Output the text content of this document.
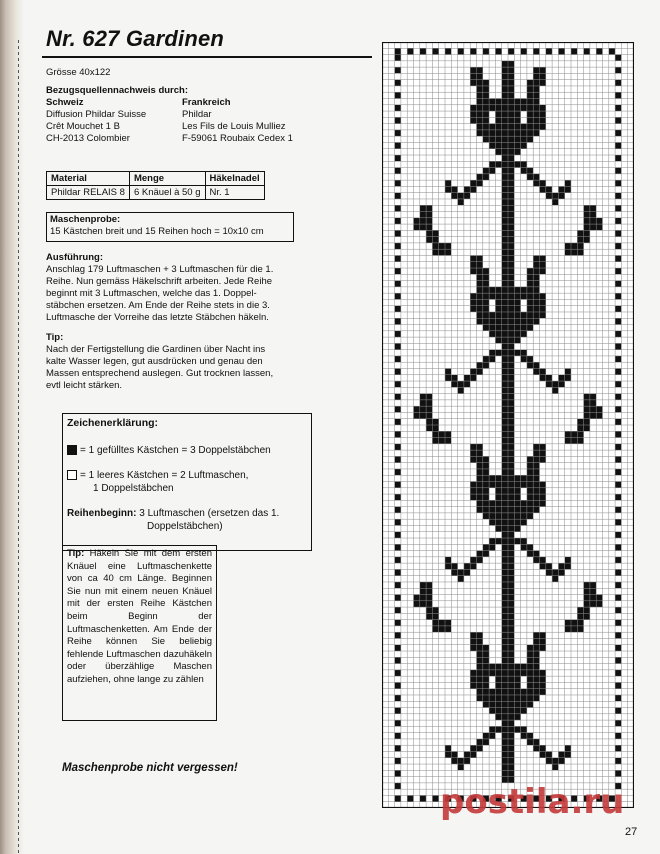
Nr. 627 Gardinen
Grösse 40x122
Bezugsquellennachweis durch:
Schweiz
Diffusion Phildar Suisse
Crêt Mouchet 1 B
CH-2013 Colombier
Frankreich
Phildar
Les Fils de Louis Mulliez
F-59061 Roubaix Cedex 1
Material	Menge	Häkelnadel
Phildar RELAIS 8	6 Knäuel à 50 g	Nr. 1
Maschenprobe:
15 Kästchen breit und 15 Reihen hoch = 10x10 cm
Ausführung:
Anschlag 179 Luftmaschen + 3 Luftmaschen für die 1.
Reihe. Nun gemäss Häkelschrift arbeiten. Jede Reihe
beginnt mit 3 Luftmaschen, welche das 1. Doppel-
stäbchen ersetzen. Am Ende der Reihe stets in die 3.
Luftmasche der Vorreihe das letzte Stäbchen häkeln.
Tip:
Nach der Fertigstellung die Gardinen über Nacht ins
kalte Wasser legen, gut ausdrücken und genau den
Massen entsprechend auslegen. Gut trocknen lassen,
evtl leicht stärken.
Zeichenerklärung:
= 1 gefülltes Kästchen = 3 Doppelstäbchen
= 1 leeres Kästchen = 2 Luftmaschen,
1 Doppelstäbchen
Reihenbeginn: 3 Luftmaschen (ersetzen das 1.
Doppelstäbchen)
Tip: Häkeln Sie mit dem ersten Knäuel eine Luftmaschenkette von ca 40 cm Länge. Beginnen Sie nun mit einem neuen Knäuel mit der ersten Reihe Kästchen beim Beginn der Luftmaschenketten. Am Ende der Reihe können Sie beliebig fehlende Luftmaschen dazuhäkeln oder überzählige Maschen aufziehen, ohne lange zu zählen
Maschenprobe nicht vergessen!
postila.ru
27
